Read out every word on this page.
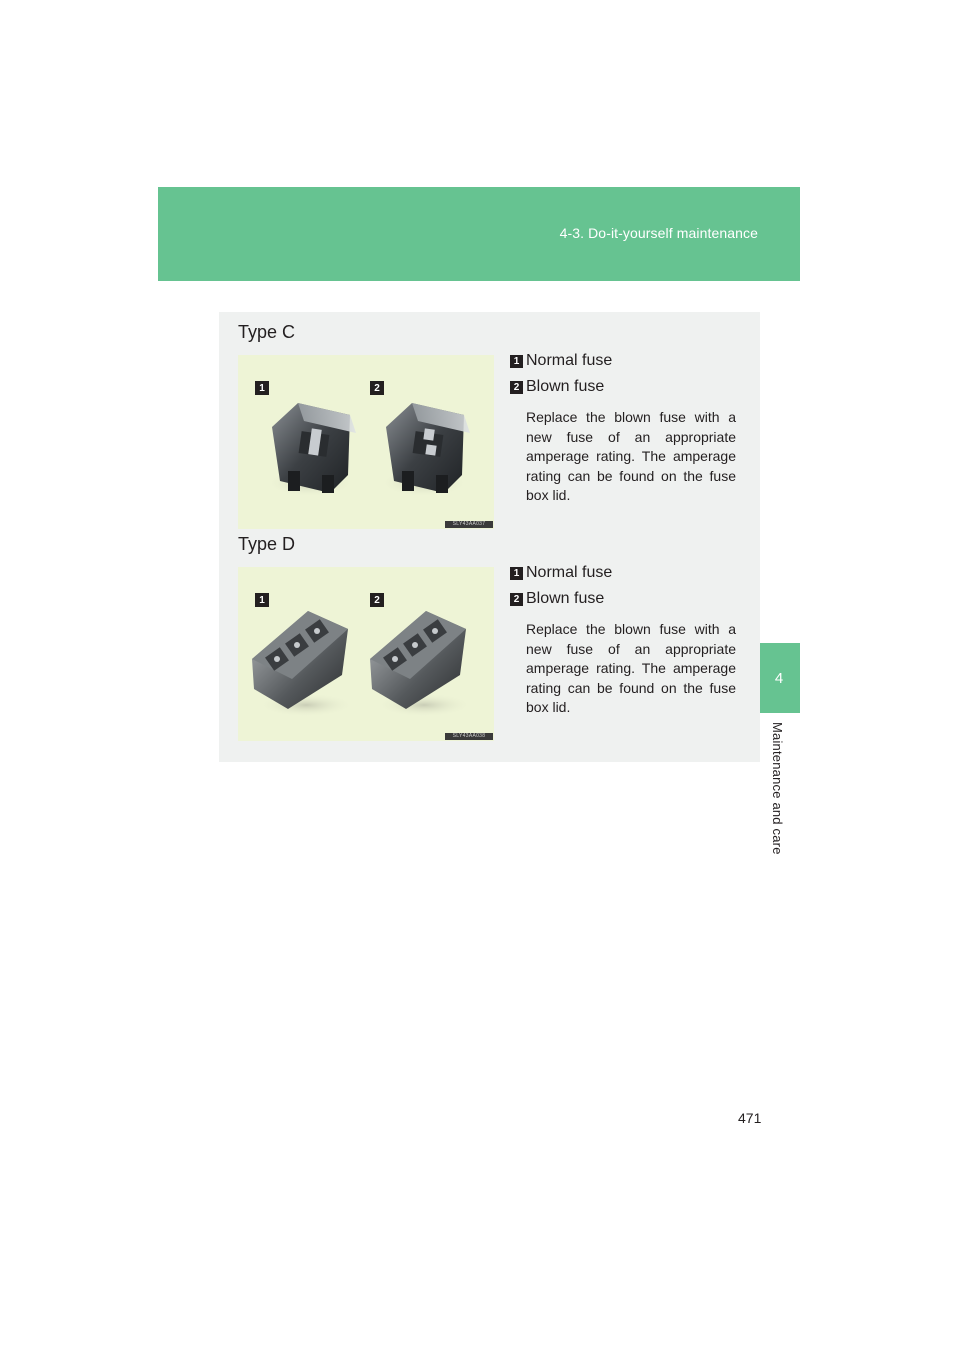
4-3. Do-it-yourself maintenance
4
Maintenance and care
Type C
1	2
SLY43AA037
1 Normal fuse
2 Blown fuse
Replace the blown fuse with a new fuse of an appropriate amperage rating. The amperage rating can be found on the fuse box lid.
Type D
1	2
SLY43AA038
1 Normal fuse
2 Blown fuse
Replace the blown fuse with a new fuse of an appropriate amperage rating. The amperage rating can be found on the fuse box lid.
471
